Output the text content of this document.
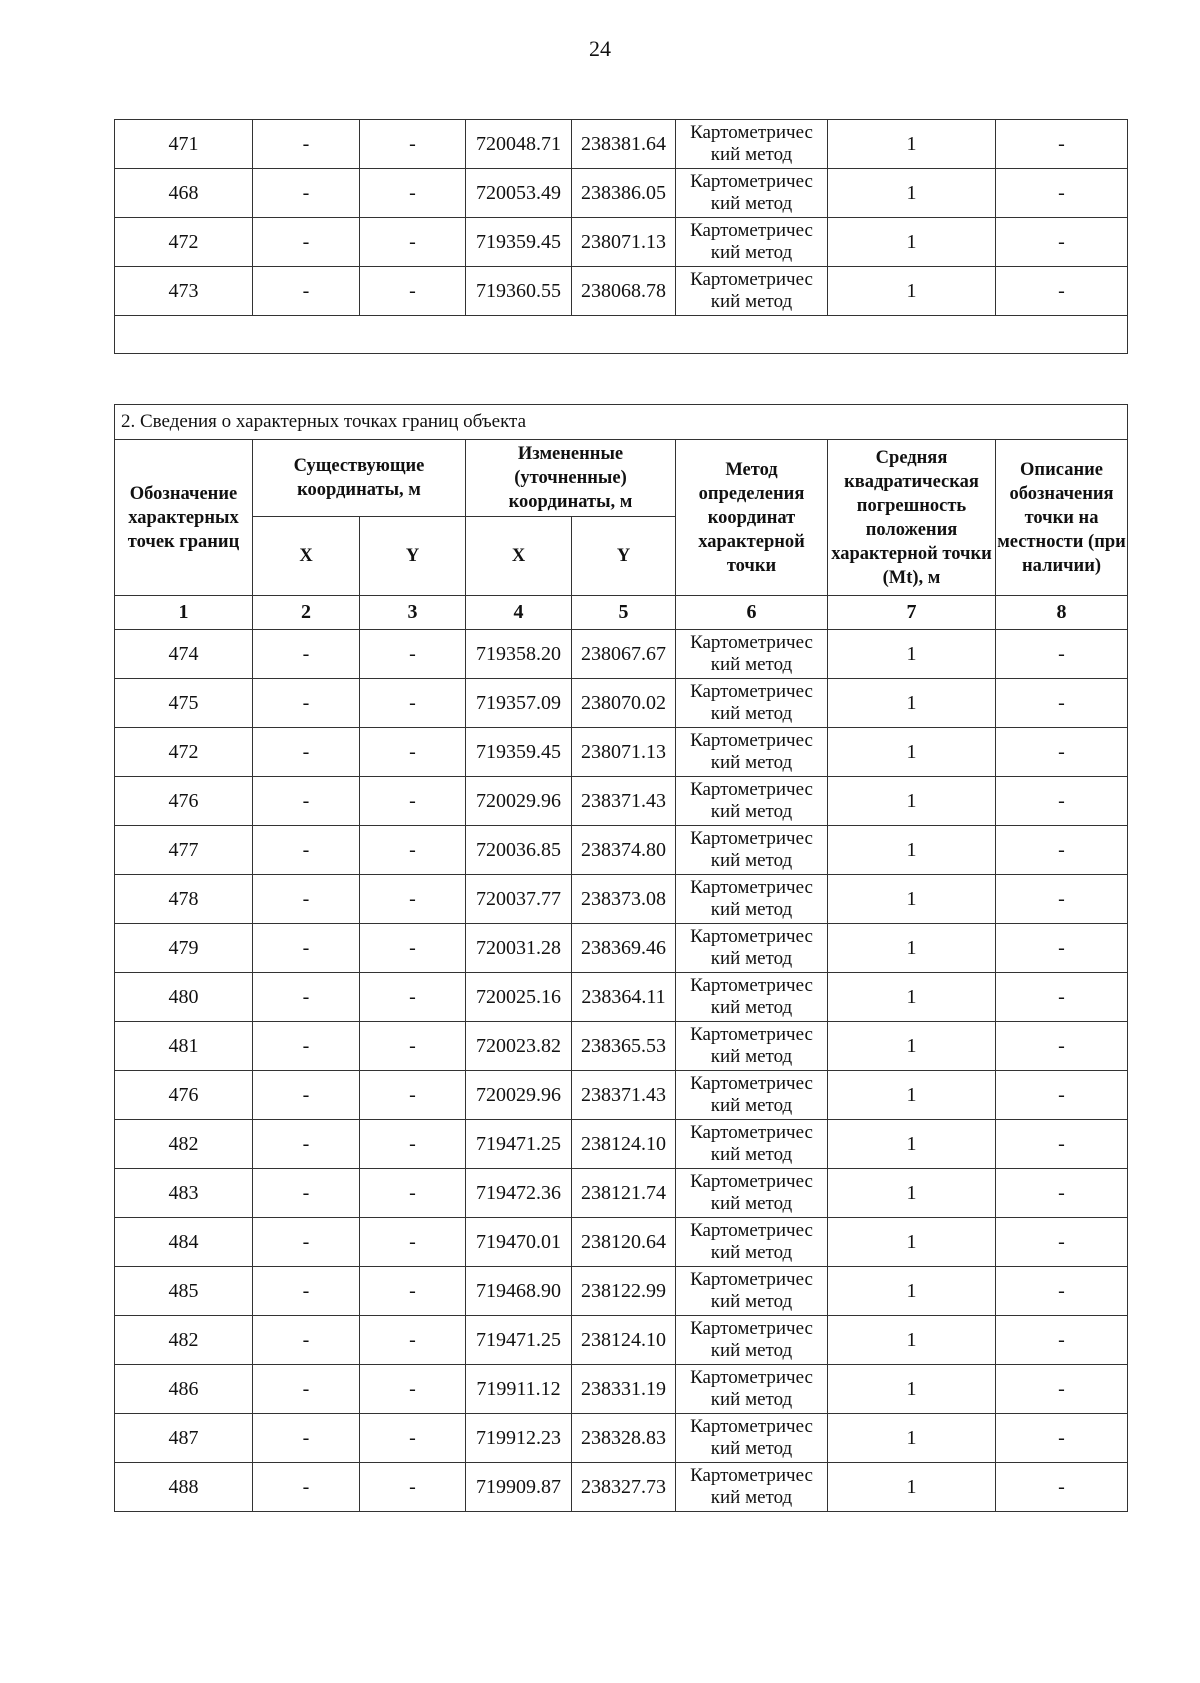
24
471	-	-	720048.71	238381.64	Картометричес
кий метод	1	-
468	-	-	720053.49	238386.05	Картометричес
кий метод	1	-
472	-	-	719359.45	238071.13	Картометричес
кий метод	1	-
473	-	-	719360.55	238068.78	Картометричес
кий метод	1	-

2. Сведения о характерных точках границ объекта							
Обозначение характерных точек границ	Существующие координаты, м		Измененные (уточненные) координаты, м		Метод определения координат характерной точки	Средняя квадратическая погрешность положения характерной точки (Mt), м	Описание обозначения точки на местности (при наличии)
	X	Y	X	Y			
1	2	3	4	5	6	7	8
474	-	-	719358.20	238067.67	Картометричес
кий метод	1	-
475	-	-	719357.09	238070.02	Картометричес
кий метод	1	-
472	-	-	719359.45	238071.13	Картометричес
кий метод	1	-
476	-	-	720029.96	238371.43	Картометричес
кий метод	1	-
477	-	-	720036.85	238374.80	Картометричес
кий метод	1	-
478	-	-	720037.77	238373.08	Картометричес
кий метод	1	-
479	-	-	720031.28	238369.46	Картометричес
кий метод	1	-
480	-	-	720025.16	238364.11	Картометричес
кий метод	1	-
481	-	-	720023.82	238365.53	Картометричес
кий метод	1	-
476	-	-	720029.96	238371.43	Картометричес
кий метод	1	-
482	-	-	719471.25	238124.10	Картометричес
кий метод	1	-
483	-	-	719472.36	238121.74	Картометричес
кий метод	1	-
484	-	-	719470.01	238120.64	Картометричес
кий метод	1	-
485	-	-	719468.90	238122.99	Картометричес
кий метод	1	-
482	-	-	719471.25	238124.10	Картометричес
кий метод	1	-
486	-	-	719911.12	238331.19	Картометричес
кий метод	1	-
487	-	-	719912.23	238328.83	Картометричес
кий метод	1	-
488	-	-	719909.87	238327.73	Картометричес
кий метод	1	-
